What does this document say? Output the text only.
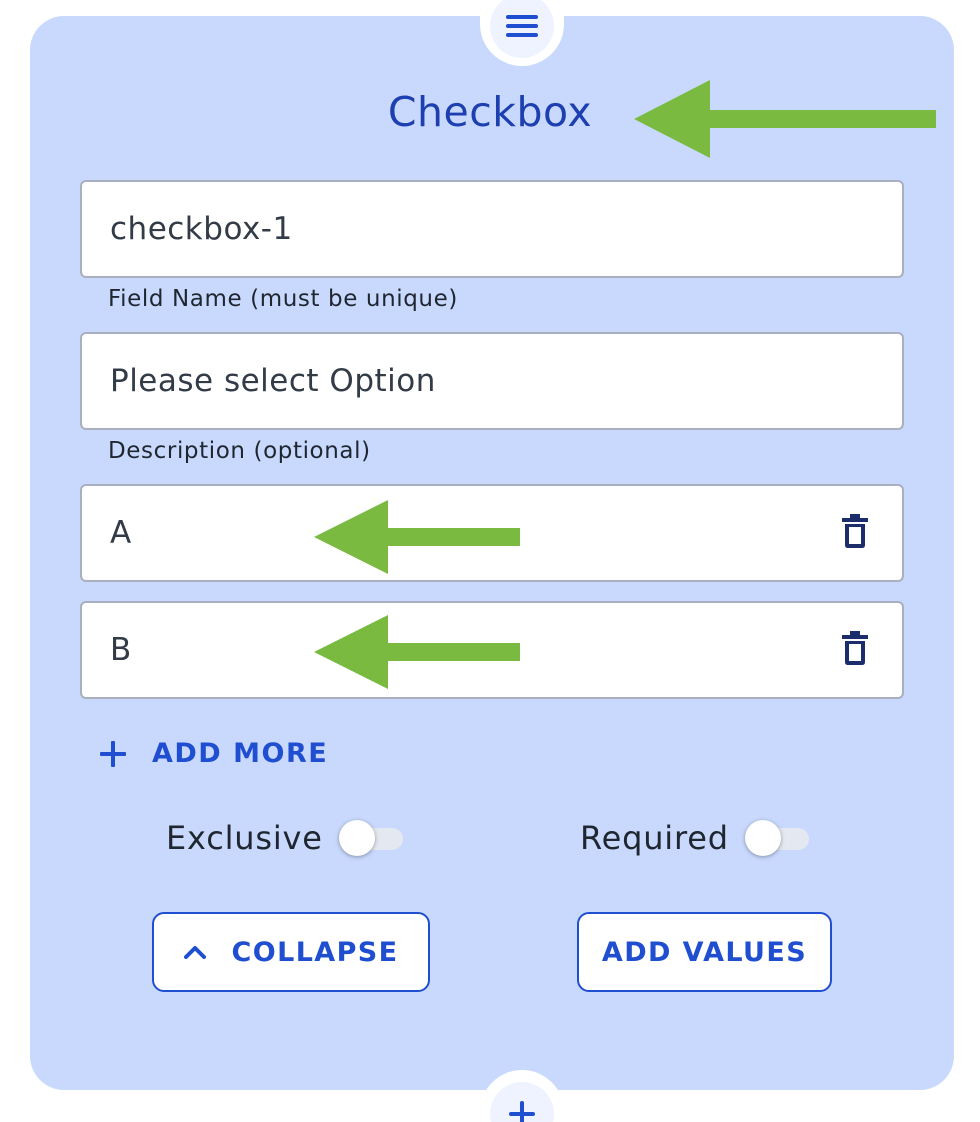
Checkbox
checkbox-1
Field Name (must be unique)
Please select Option
Description (optional)
A
B
ADD MORE
Exclusive	Required
COLLAPSE	ADD VALUES
